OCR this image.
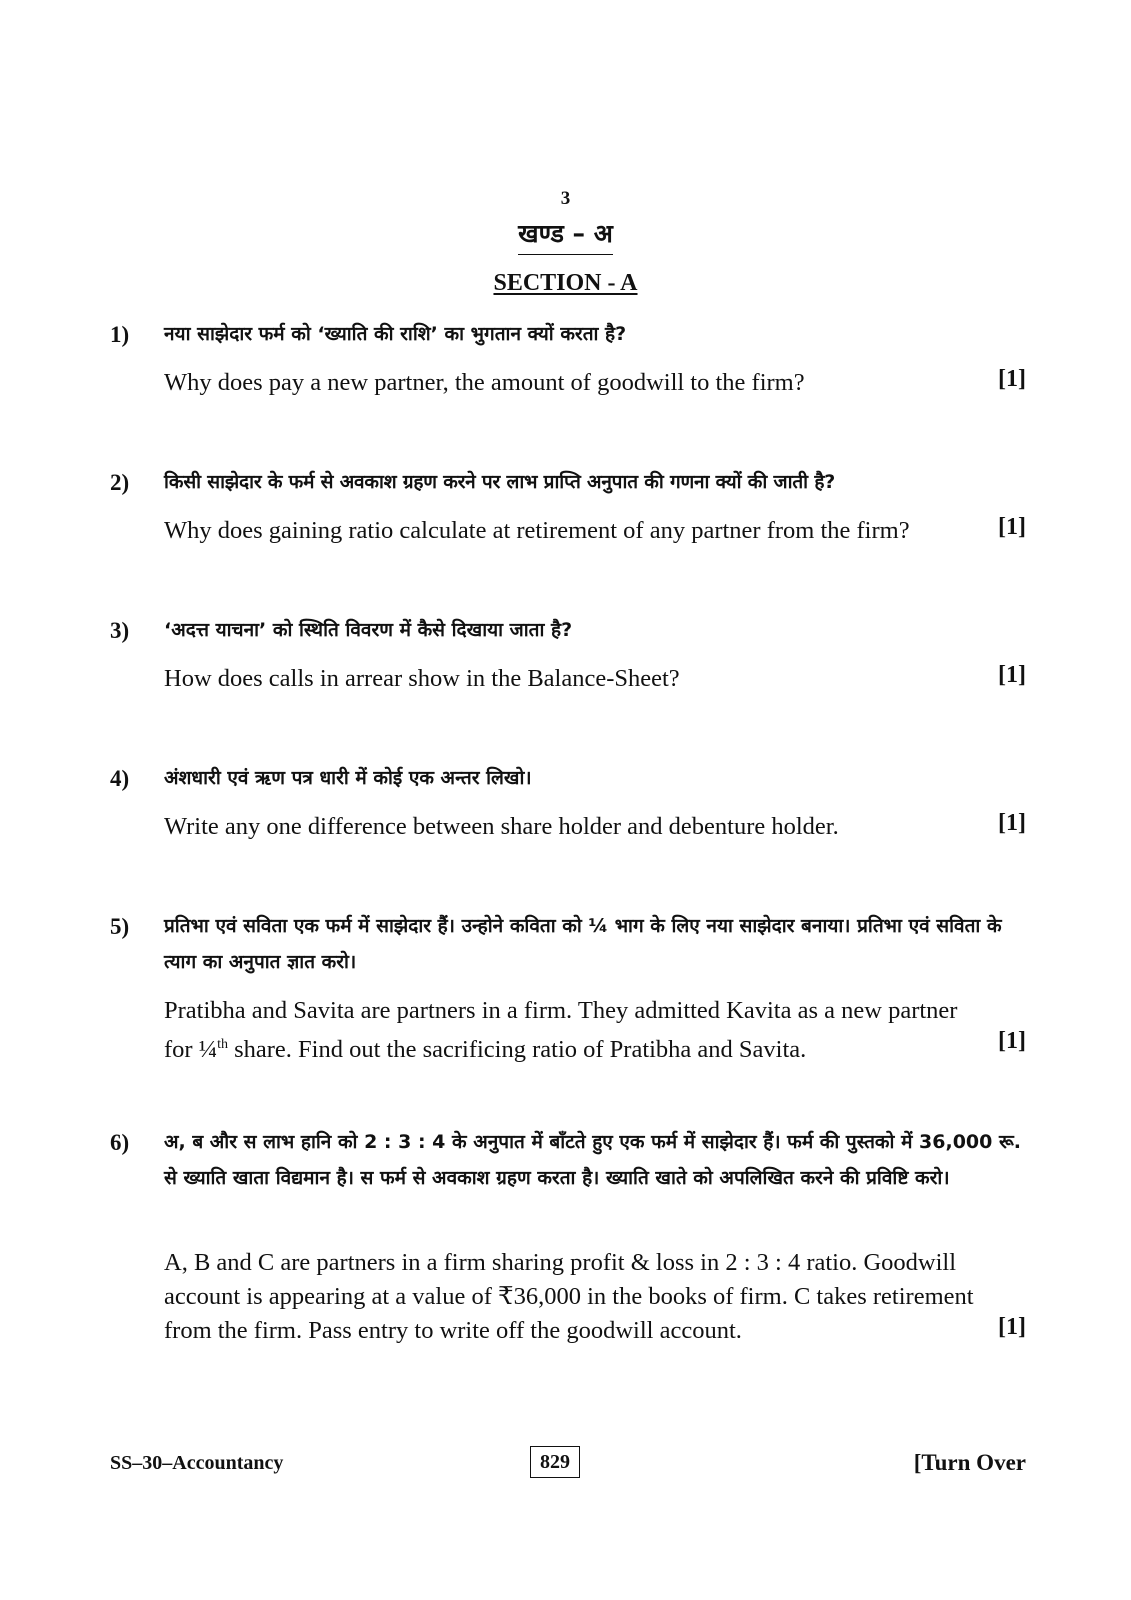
3
खण्ड – अ
SECTION - A
1) नया साझेदार फर्म को ‘ख्याति की राशि’ का भुगतान क्यों करता है?
Why does pay a new partner, the amount of goodwill to the firm?	[1]
2) किसी साझेदार के फर्म से अवकाश ग्रहण करने पर लाभ प्राप्ति अनुपात की गणना क्यों की जाती है?
Why does gaining ratio calculate at retirement of any partner from the firm?	[1]
3) ‘अदत्त याचना’ को स्थिति विवरण में कैसे दिखाया जाता है?
How does calls in arrear show in the Balance-Sheet?	[1]
4) अंशधारी एवं ऋण पत्र धारी में कोई एक अन्तर लिखो।
Write any one difference between share holder and debenture holder.	[1]
5) प्रतिभा एवं सविता एक फर्म में साझेदार हैं। उन्होने कविता को ¼ भाग के लिए नया साझेदार बनाया। प्रतिभा एवं सविता के त्याग का अनुपात ज्ञात करो।
Pratibha and Savita are partners in a firm. They admitted Kavita as a new partner
for ¼$^{th}$ share. Find out the sacrificing ratio of Pratibha and Savita.	[1]
6) अ, ब और स लाभ हानि को 2 : 3 : 4 के अनुपात में बाँटते हुए एक फर्म में साझेदार हैं। फर्म की पुस्तको में 36,000 रू. से ख्याति खाता विद्यमान है। स फर्म से अवकाश ग्रहण करता है। ख्याति खाते को अपलिखित करने की प्रविष्टि करो।
A, B and C are partners in a firm sharing profit & loss in 2 : 3 : 4 ratio. Goodwill
account is appearing at a value of ₹36,000 in the books of firm. C takes retirement
from the firm. Pass entry to write off the goodwill account.	[1]
SS–30–Accountancy	829	[Turn Over
